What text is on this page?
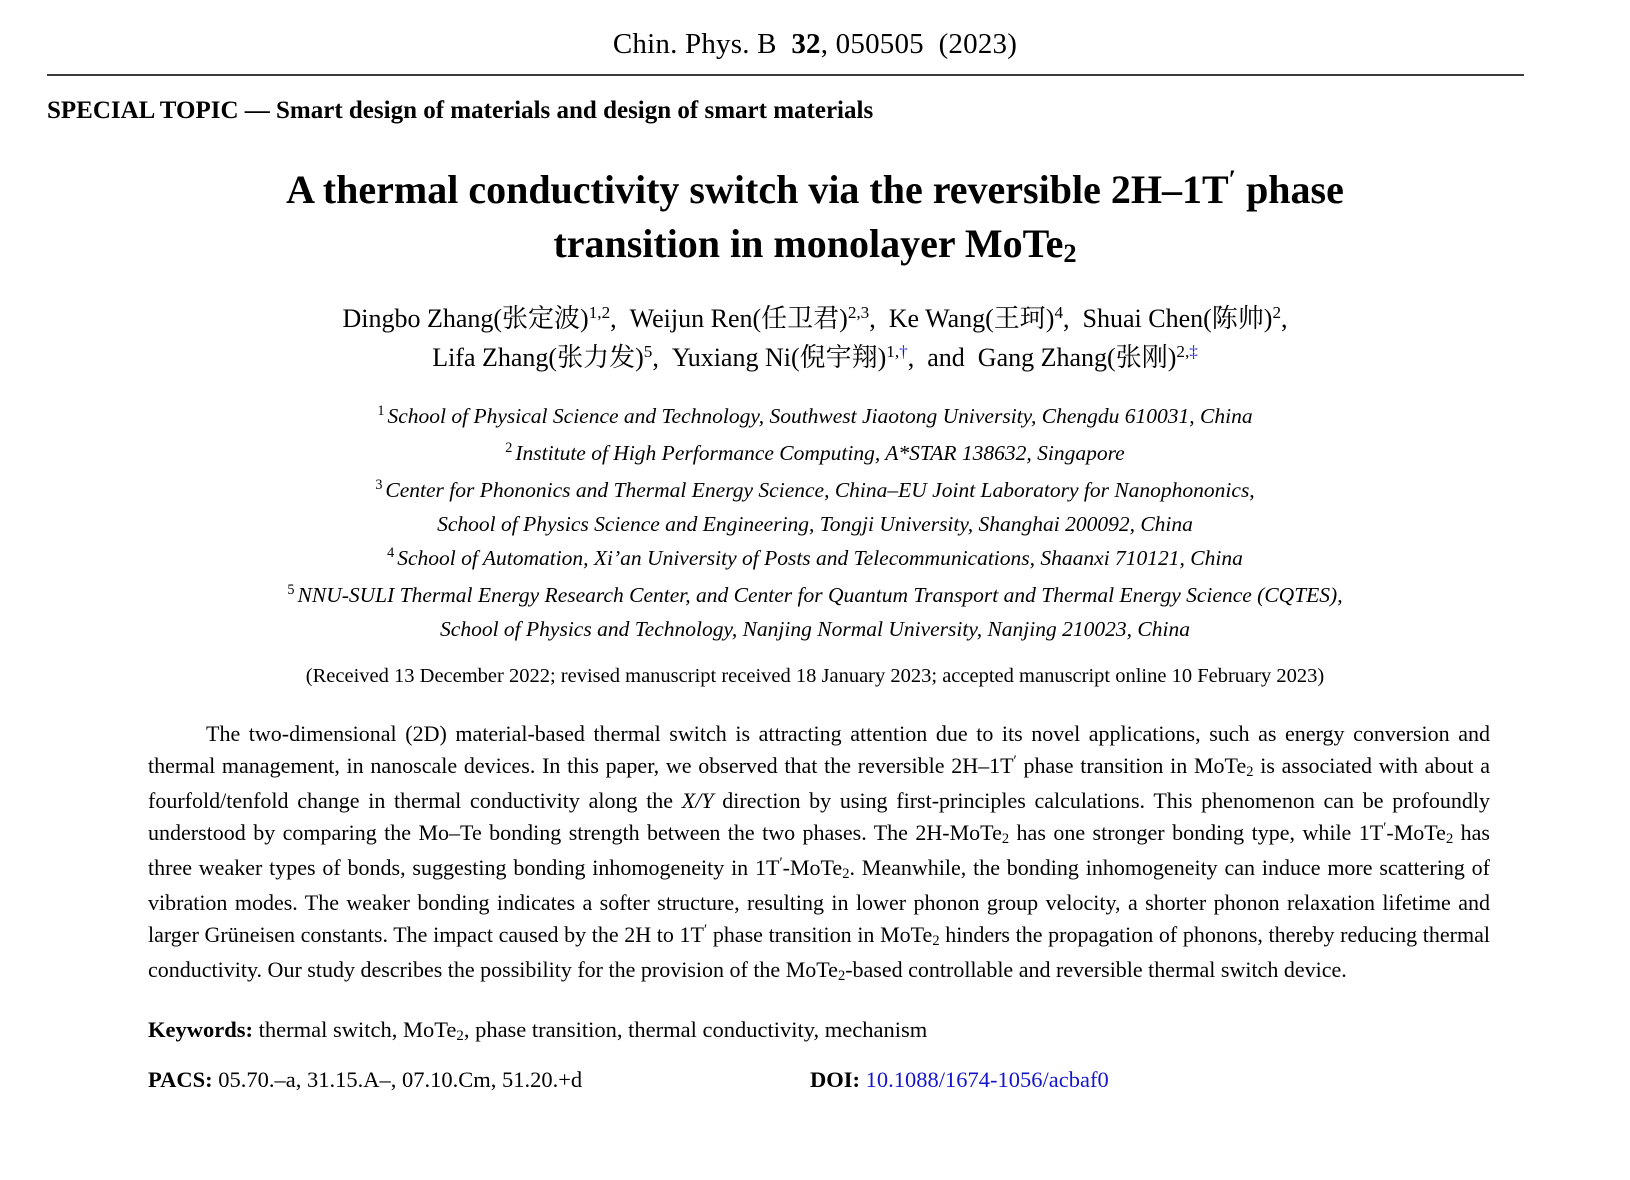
Chin. Phys. B 32, 050505 (2023)
SPECIAL TOPIC — Smart design of materials and design of smart materials
A thermal conductivity switch via the reversible 2H–1T′ phase
transition in monolayer MoTe2
Dingbo Zhang(张定波)$^{1,2}$, Weijun Ren(任卫君)$^{2,3}$, Ke Wang(王珂)$^4$, Shuai Chen(陈帅)$^2$,
Lifa Zhang(张力发)$^5$, Yuxiang Ni(倪宇翔)$^{1,\dagger}$, and Gang Zhang(张刚)$^{2,\ddagger}$
$^1$ School of Physical Science and Technology, Southwest Jiaotong University, Chengdu 610031, China
$^2$ Institute of High Performance Computing, A*STAR 138632, Singapore
$^3$ Center for Phononics and Thermal Energy Science, China–EU Joint Laboratory for Nanophononics,
School of Physics Science and Engineering, Tongji University, Shanghai 200092, China
$^4$ School of Automation, Xi’an University of Posts and Telecommunications, Shaanxi 710121, China
$^5$ NNU-SULI Thermal Energy Research Center, and Center for Quantum Transport and Thermal Energy Science (CQTES),
School of Physics and Technology, Nanjing Normal University, Nanjing 210023, China
(Received 13 December 2022; revised manuscript received 18 January 2023; accepted manuscript online 10 February 2023)

The two-dimensional (2D) material-based thermal switch is attracting attention due to its novel applications, such as energy conversion and thermal management, in nanoscale devices. In this paper, we observed that the reversible 2H–1T′ phase transition in MoTe2 is associated with about a fourfold/tenfold change in thermal conductivity along the X/Y direction by using first-principles calculations. This phenomenon can be profoundly understood by comparing the Mo–Te bonding strength between the two phases. The 2H-MoTe2 has one stronger bonding type, while 1T′-MoTe2 has three weaker types of bonds, suggesting bonding inhomogeneity in 1T′-MoTe2. Meanwhile, the bonding inhomogeneity can induce more scattering of vibration modes. The weaker bonding indicates a softer structure, resulting in lower phonon group velocity, a shorter phonon relaxation lifetime and larger Grüneisen constants. The impact caused by the 2H to 1T′ phase transition in MoTe2 hinders the propagation of phonons, thereby reducing thermal conductivity. Our study describes the possibility for the provision of the MoTe2-based controllable and reversible thermal switch device.

Keywords: thermal switch, MoTe2, phase transition, thermal conductivity, mechanism
PACS: 05.70.–a, 31.15.A–, 07.10.Cm, 51.20.+d	DOI: 10.1088/1674-1056/acbaf0
